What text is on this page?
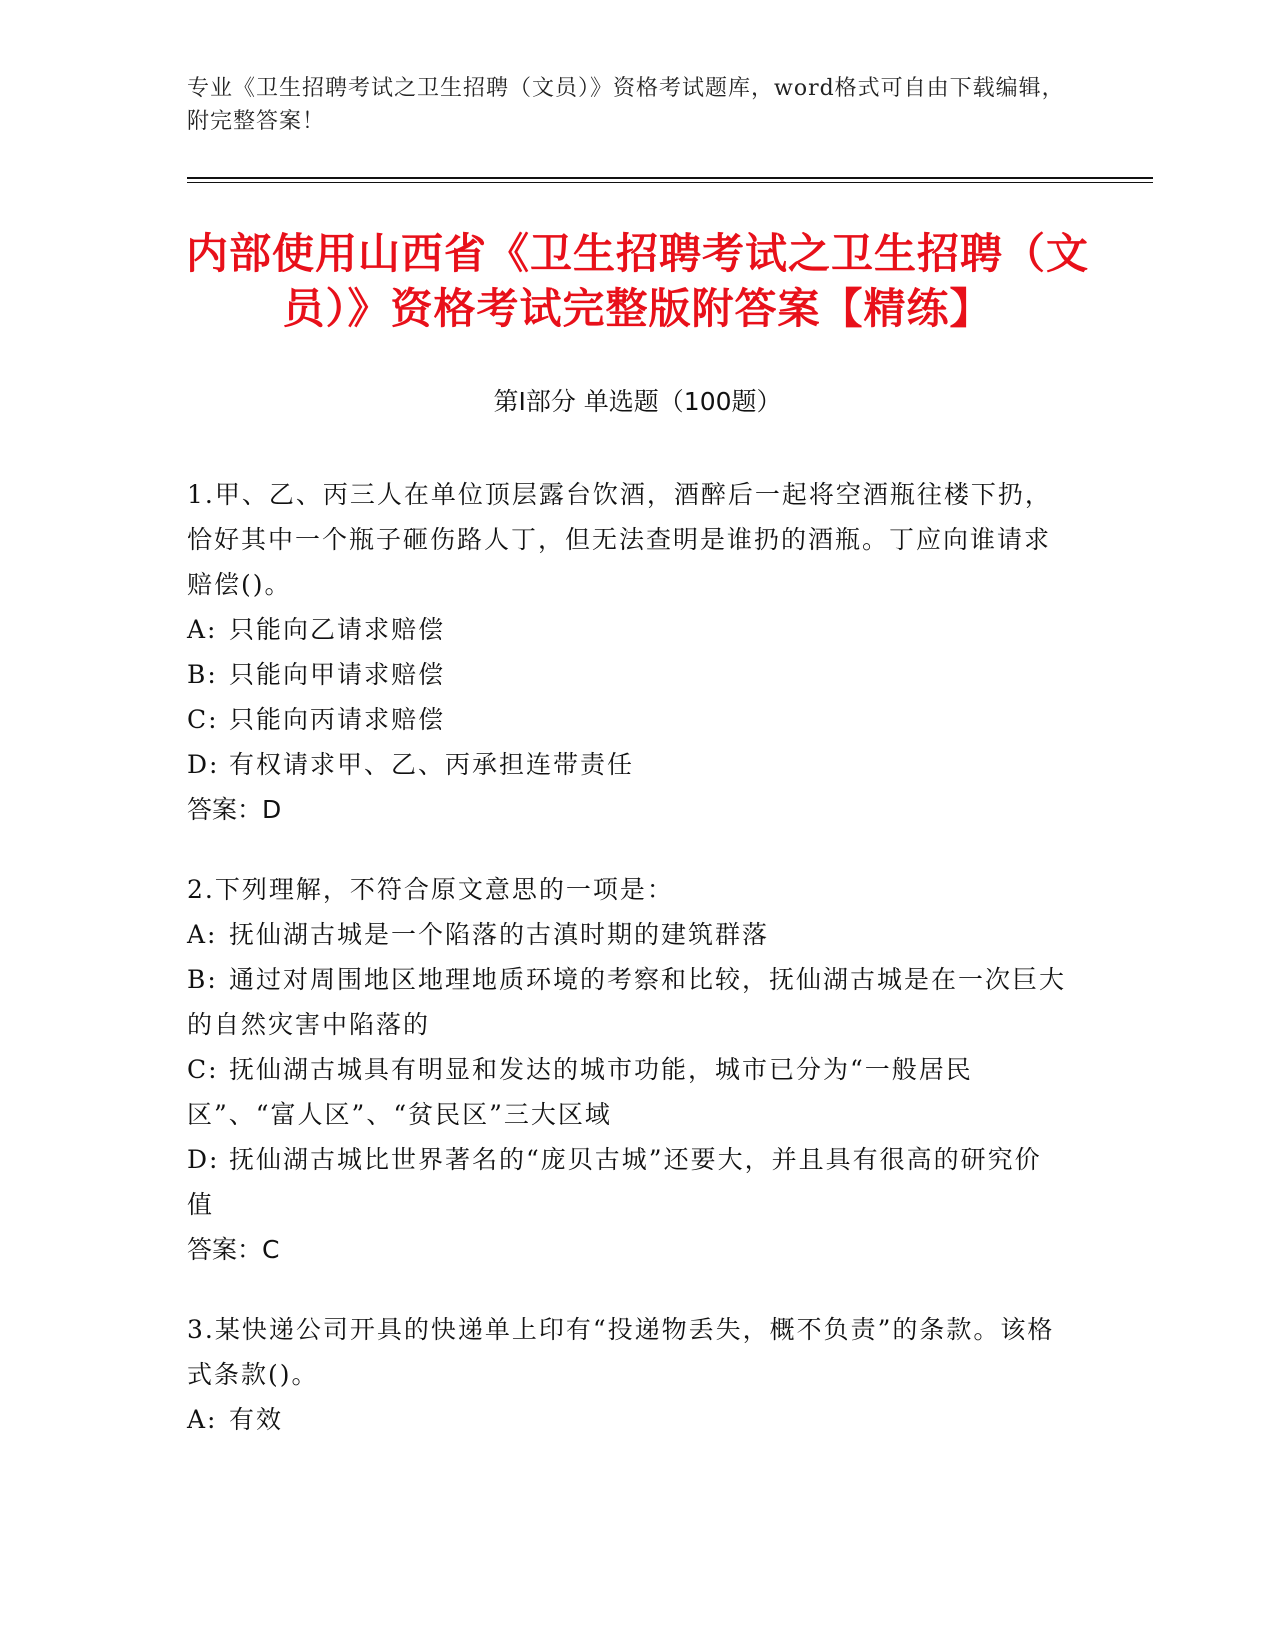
专业《卫生招聘考试之卫生招聘（文员）》资格考试题库，word格式可自由下载编辑，附完整答案！
内部使用山西省《卫生招聘考试之卫生招聘（文员）》资格考试完整版附答案【精练】
第Ⅰ部分 单选题（100题）

1.甲、乙、丙三人在单位顶层露台饮酒，酒醉后一起将空酒瓶往楼下扔，恰好其中一个瓶子砸伤路人丁，但无法查明是谁扔的酒瓶。丁应向谁请求赔偿()。

A: 只能向乙请求赔偿

B: 只能向甲请求赔偿

C: 只能向丙请求赔偿

D: 有权请求甲、乙、丙承担连带责任

答案：D

2.下列理解，不符合原文意思的一项是：

A: 抚仙湖古城是一个陷落的古滇时期的建筑群落

B: 通过对周围地区地理地质环境的考察和比较，抚仙湖古城是在一次巨大的自然灾害中陷落的

C: 抚仙湖古城具有明显和发达的城市功能，城市已分为“一般居民区”、“富人区”、“贫民区”三大区域

D: 抚仙湖古城比世界著名的“庞贝古城”还要大，并且具有很高的研究价值

答案：C

3.某快递公司开具的快递单上印有“投递物丢失，概不负责”的条款。该格式条款()。

A: 有效
